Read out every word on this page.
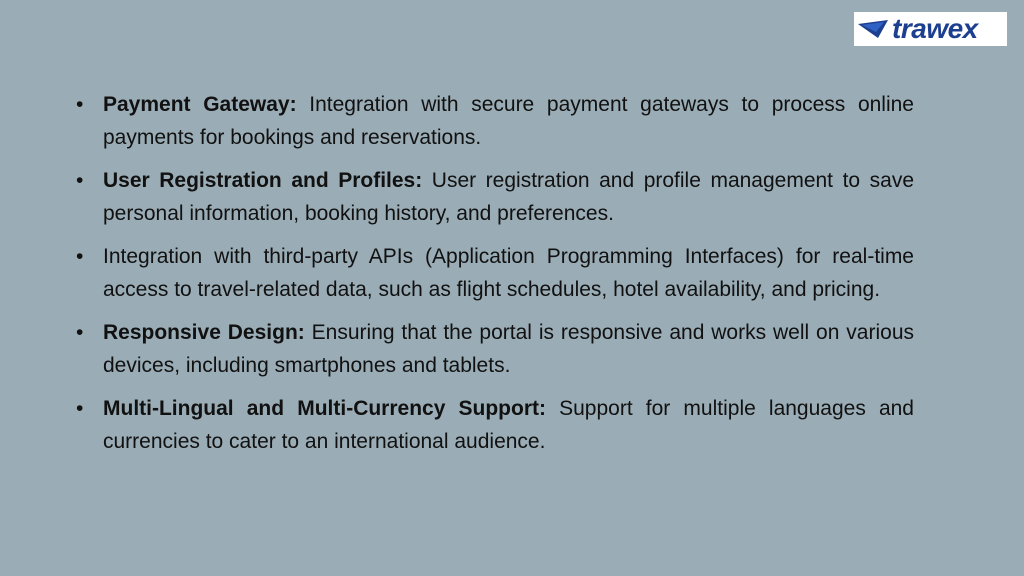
trawex
• Payment Gateway: Integration with secure payment gateways to process online payments for bookings and reservations.
• User Registration and Profiles: User registration and profile management to save personal information, booking history, and preferences.
• Integration with third-party APIs (Application Programming Interfaces) for real-time access to travel-related data, such as flight schedules, hotel availability, and pricing.
• Responsive Design: Ensuring that the portal is responsive and works well on various devices, including smartphones and tablets.
• Multi-Lingual and Multi-Currency Support: Support for multiple languages and currencies to cater to an international audience.
